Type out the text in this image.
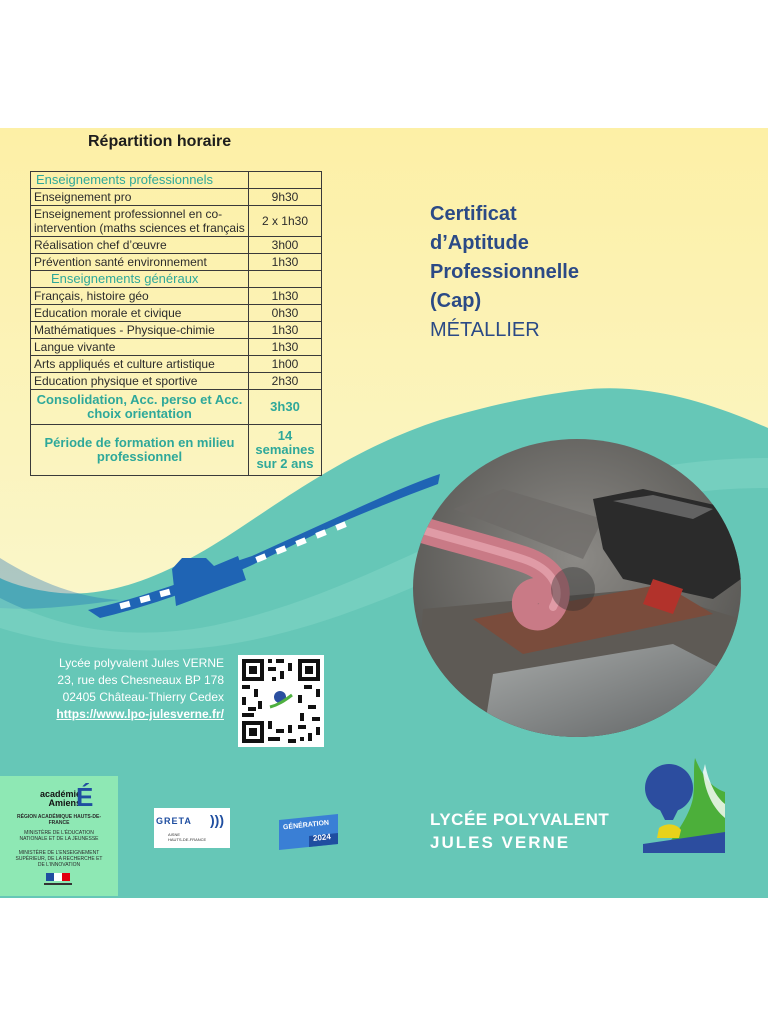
Répartition horaire
Enseignements professionnels	
Enseignement pro	9h30
Enseignement professionnel en co-intervention (maths sciences et français	2 x 1h30
Réalisation chef d’œuvre	3h00
Prévention santé environnement	1h30
Enseignements généraux	
Français, histoire géo	1h30
Education morale et civique	0h30
Mathématiques - Physique-chimie	1h30
Langue vivante	1h30
Arts appliqués et culture artistique	1h00
Education physique et sportive	2h30
Consolidation, Acc. perso et Acc. choix orientation	3h30
Période de formation en milieu professionnel	14 semaines sur 2 ans
Certificat
d’Aptitude
Professionnelle
(Cap)
MÉTALLIER
Lycée polyvalent Jules VERNE
23, rue des Chesneaux BP 178
02405 Château-Thierry Cedex
https://www.lpo-julesverne.fr/
académie
Amiens
É
RÉGION ACADÉMIQUE HAUTS-DE-FRANCE
MINISTÈRE DE L’ÉDUCATION NATIONALE ET DE LA JEUNESSE
MINISTÈRE DE L’ENSEIGNEMENT SUPÉRIEUR, DE LA RECHERCHE ET DE L’INNOVATION
GRETA )))
AISNE
HAUTS-DE-FRANCE
GÉNÉRATION
2024
LYCÉE POLYVALENT
JULES VERNE
